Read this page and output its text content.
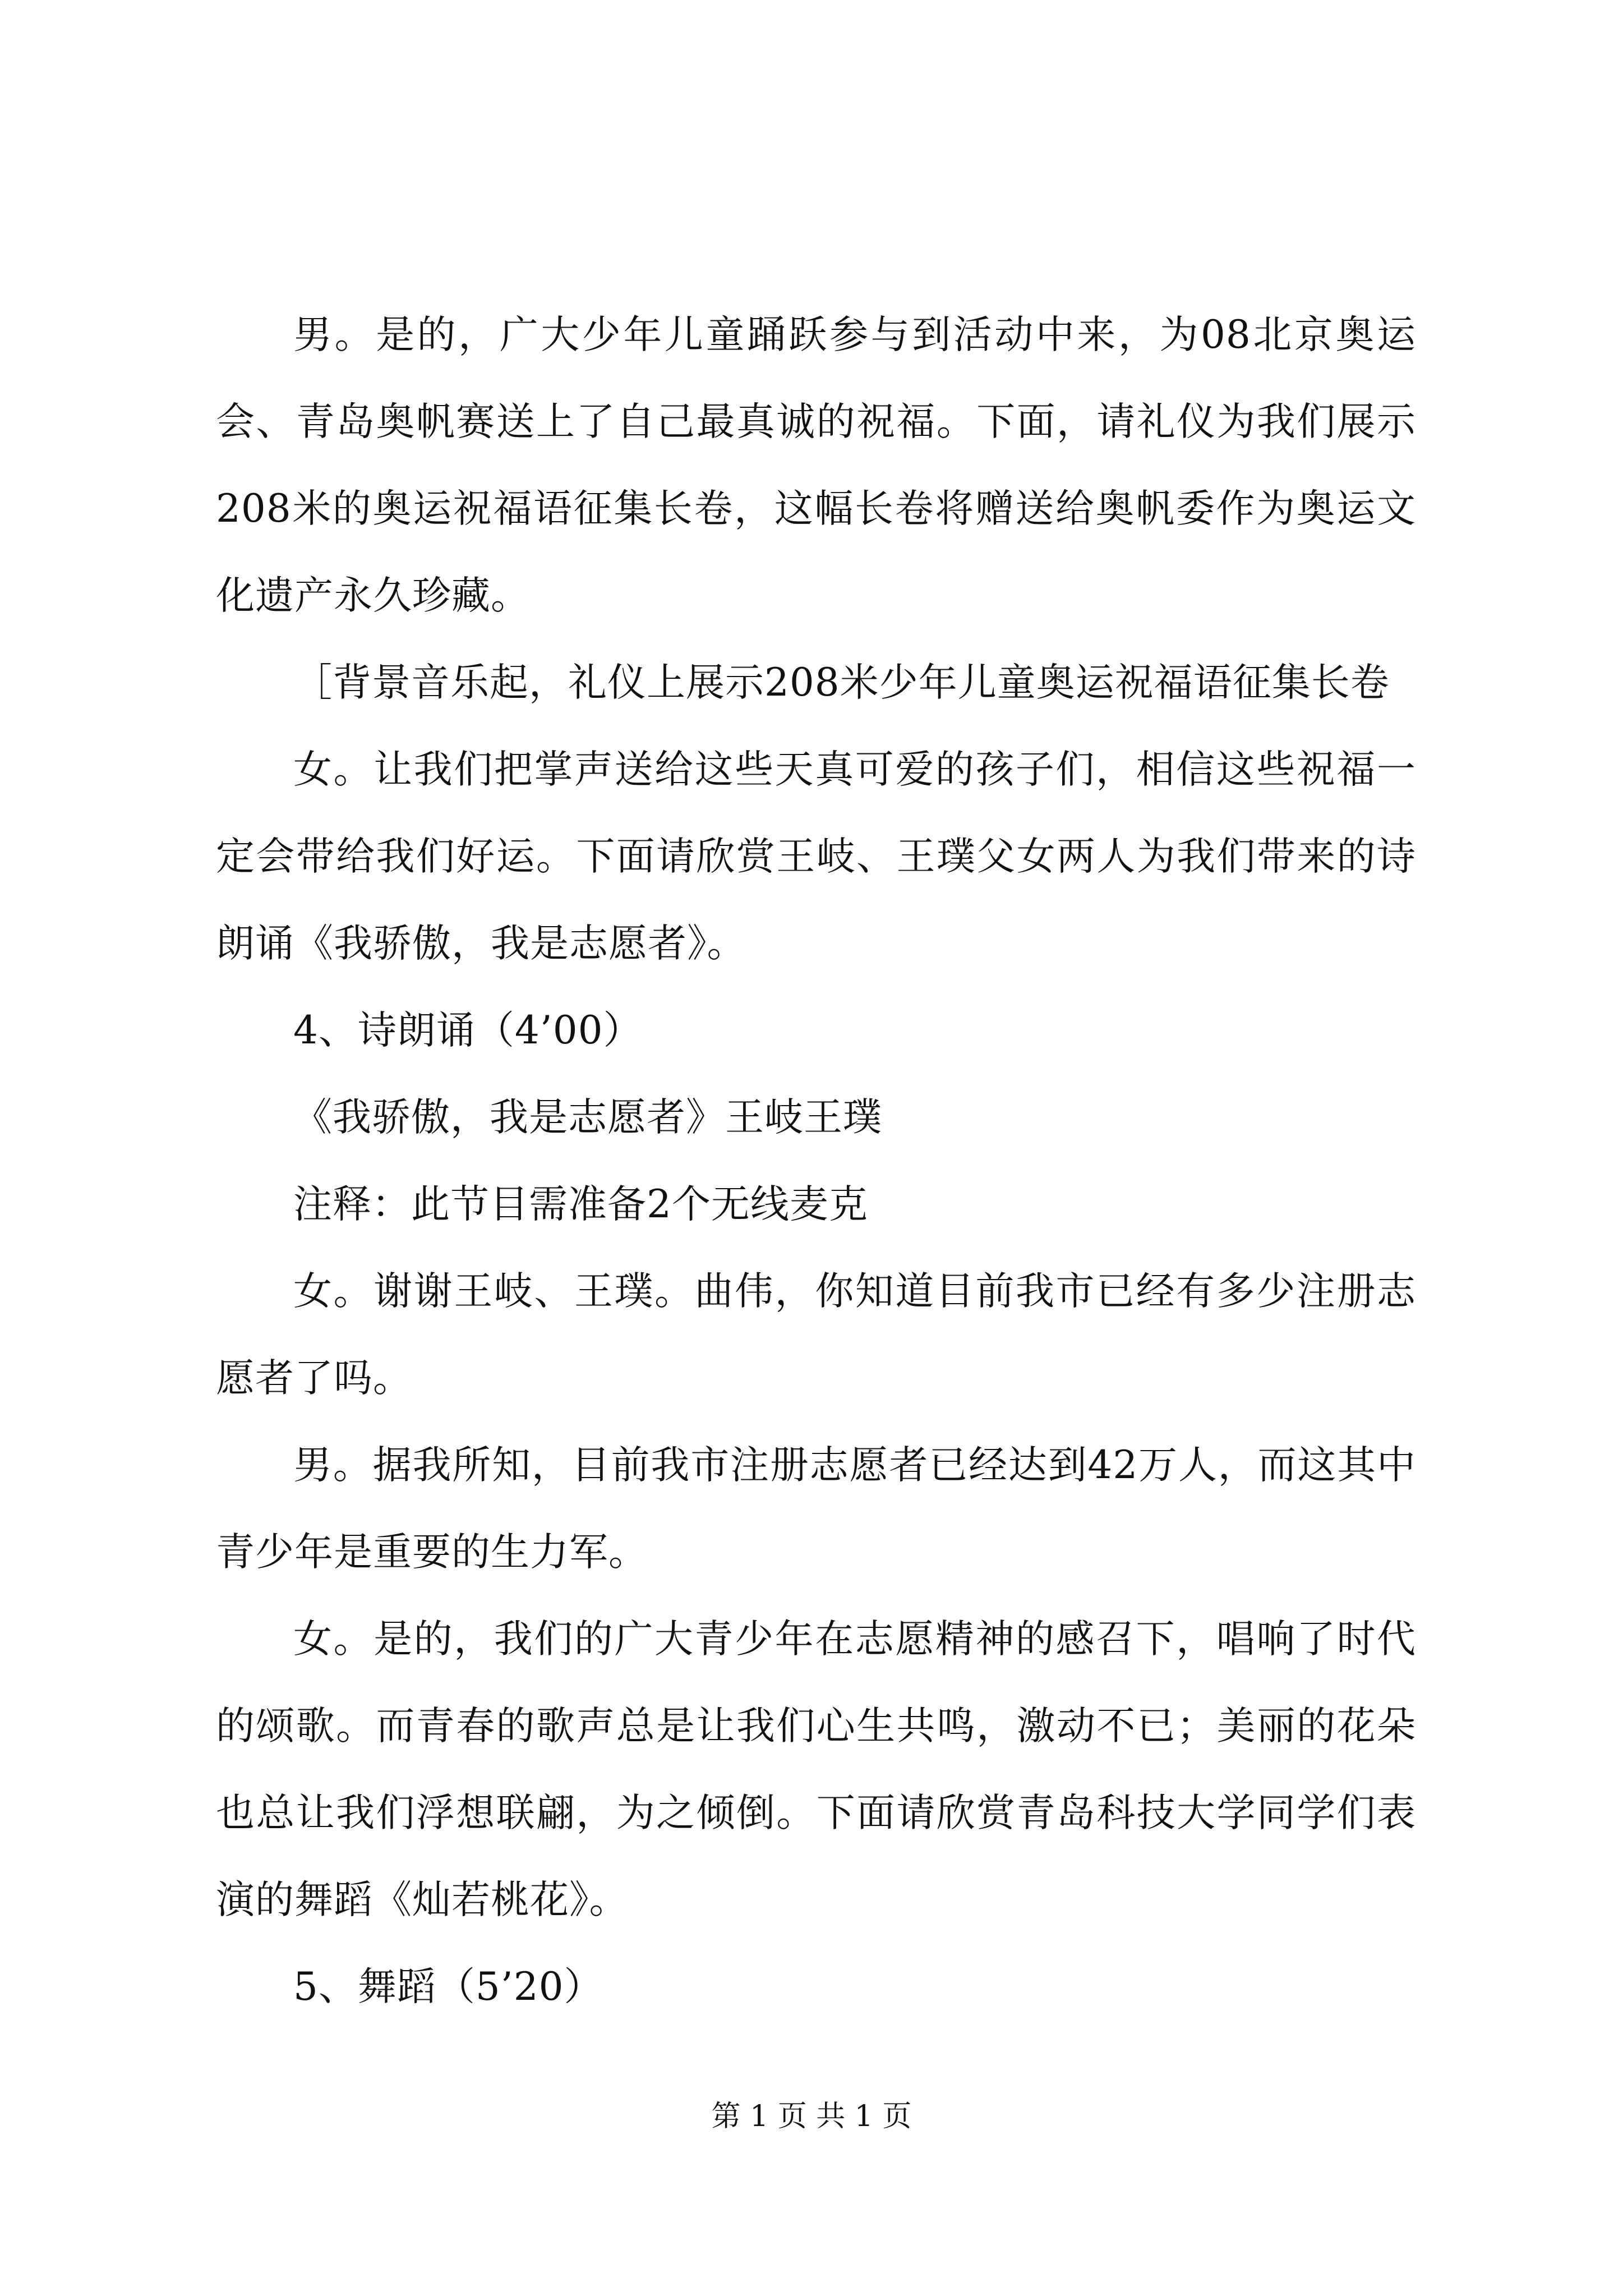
男。是的，广大少年儿童踊跃参与到活动中来，为08北京奥运会、青岛奥帆赛送上了自己最真诚的祝福。下面，请礼仪为我们展示208米的奥运祝福语征集长卷，这幅长卷将赠送给奥帆委作为奥运文化遗产永久珍藏。

［背景音乐起，礼仪上展示208米少年儿童奥运祝福语征集长卷

女。让我们把掌声送给这些天真可爱的孩子们，相信这些祝福一定会带给我们好运。下面请欣赏王岐、王璞父女两人为我们带来的诗朗诵《我骄傲，我是志愿者》。

4、诗朗诵（4’00）

《我骄傲，我是志愿者》王岐王璞

注释：此节目需准备2个无线麦克

女。谢谢王岐、王璞。曲伟，你知道目前我市已经有多少注册志愿者了吗。

男。据我所知，目前我市注册志愿者已经达到42万人，而这其中青少年是重要的生力军。

女。是的，我们的广大青少年在志愿精神的感召下，唱响了时代的颂歌。而青春的歌声总是让我们心生共鸣，激动不已；美丽的花朵也总让我们浮想联翩，为之倾倒。下面请欣赏青岛科技大学同学们表演的舞蹈《灿若桃花》。

5、舞蹈（5’20）

第 1 页 共 1 页
